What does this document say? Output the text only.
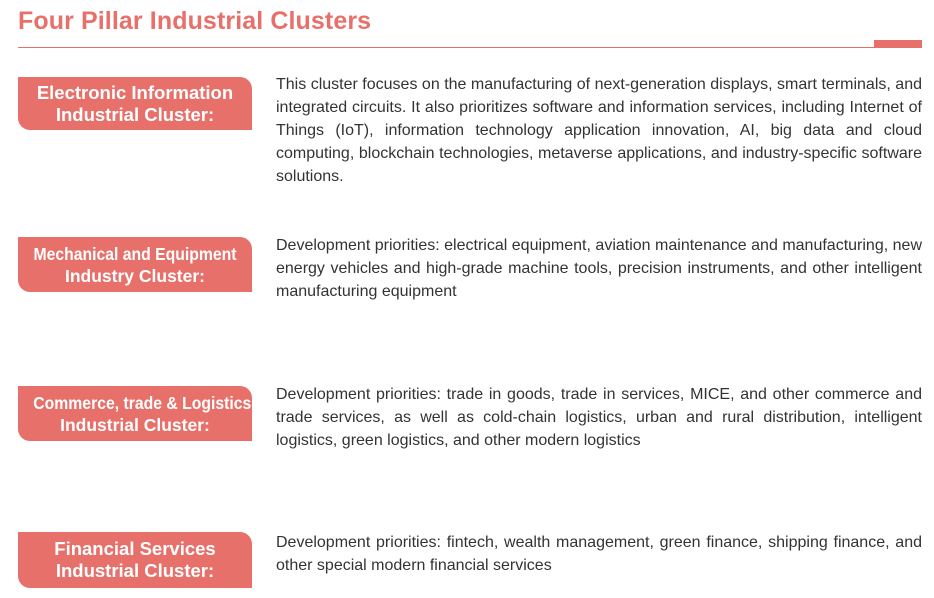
Four Pillar Industrial Clusters
Electronic Information
Industrial Cluster:
This cluster focuses on the manufacturing of next-generation displays, smart terminals, and integrated circuits. It also prioritizes software and information services, including Internet of Things (IoT), information technology application innovation, AI, big data and cloud computing, blockchain technologies, metaverse applications, and industry-specific software solutions.
Mechanical and Equipment
Industry Cluster:
Development priorities: electrical equipment, aviation maintenance and manufacturing, new energy vehicles and high-grade machine tools, precision instruments, and other intelligent manufacturing equipment
Commerce, trade & Logistics
Industrial Cluster:
Development priorities: trade in goods, trade in services, MICE, and other commerce and trade services, as well as cold-chain logistics, urban and rural distribution, intelligent logistics, green logistics, and other modern logistics
Financial Services
Industrial Cluster:
Development priorities: fintech, wealth management, green finance, shipping finance, and other special modern financial services
